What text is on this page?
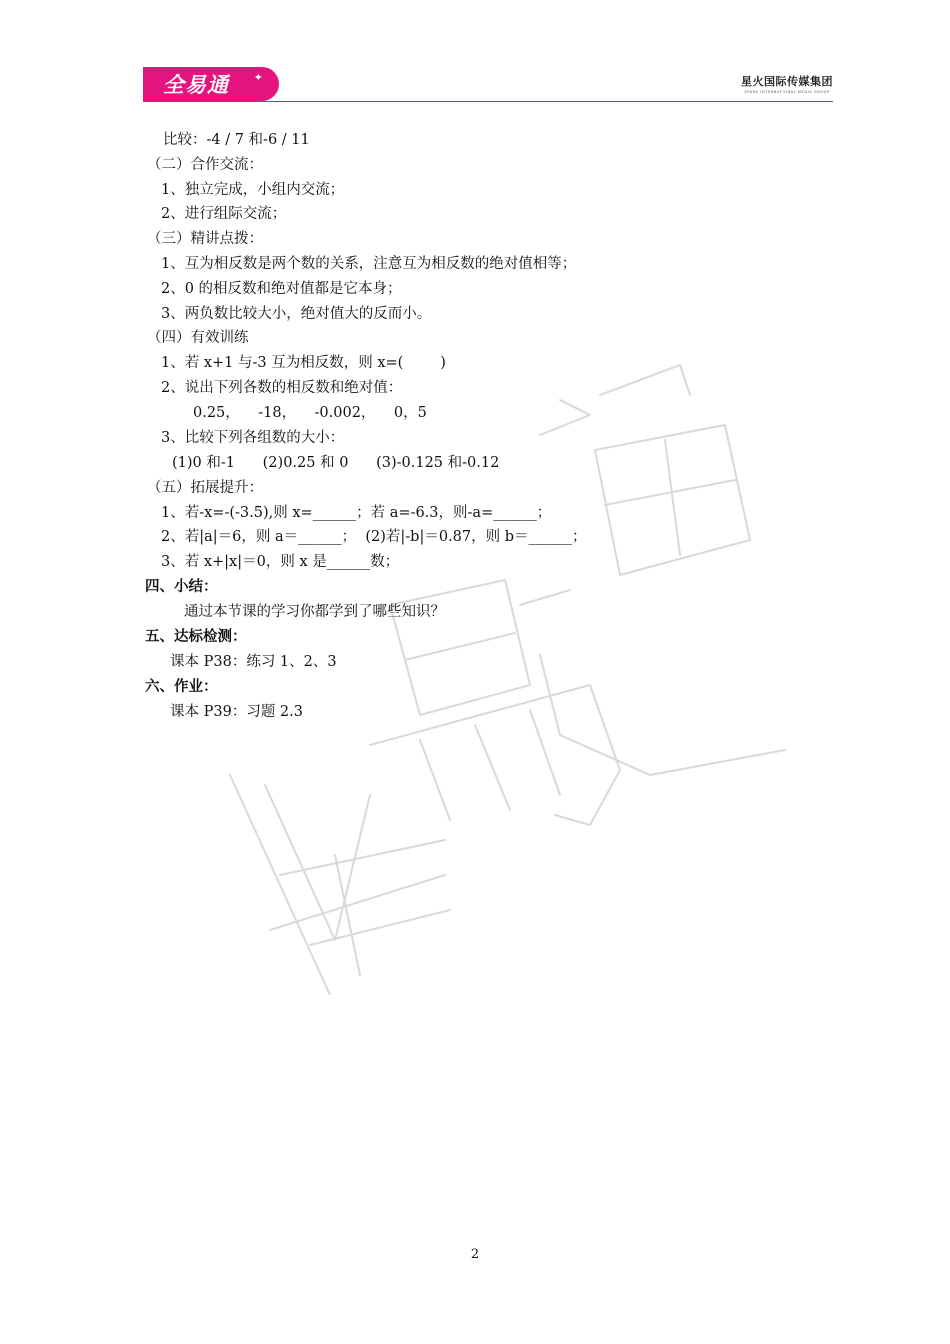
全易通 ✦	星火国际传媒集团
SPARK INTERNATIONAL MEDIA GROUP
比较：-4 / 7 和-6 / 11
（二）合作交流：
1、独立完成，小组内交流；
2、进行组际交流；
（三）精讲点拨：
1、互为相反数是两个数的关系，注意互为相反数的绝对值相等；
2、0 的相反数和绝对值都是它本身；
3、两负数比较大小，绝对值大的反而小。
（四）有效训练
1、若 x+1 与-3 互为相反数，则 x=(        )
2、说出下列各数的相反数和绝对值：
0.25，    -18，    -0.002，    0，5
3、比较下列各组数的大小：
(1)0 和-1      (2)0.25 和 0      (3)-0.125 和-0.12
（五）拓展提升：
1、若-x=-(-3.5),则 x=______；若 a=-6.3，则-a=______；
2、若|a|＝6，则 a＝______；  (2)若|-b|＝0.87，则 b＝______；
3、若 x+|x|＝0，则 x 是______数；
四、小结：
通过本节课的学习你都学到了哪些知识？
五、达标检测：
课本 P38：练习 1、2、3
六、作业：
课本 P39：习题 2.3
2
